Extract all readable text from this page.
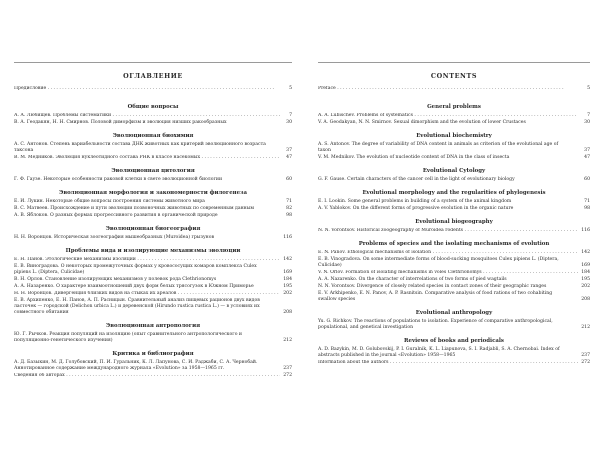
ОГЛАВЛЕНИЕ
Предисловие . . .	5
Общие вопросы
А. А. Любищев. Проблемы систематики . . .	7
В. А. Геодакян, Н. Н. Смирнов. Половой диморфизм и эволюция низших ракообразных	30
Эволюционная биохимия
А. С. Антонов. Степень вариабельности состава ДНК животных как критерий эволюционного возраста таксона	37
В. М. Медников. Эволюция нуклеотидного состава РНК в классе насекомых . . .	47
Эволюционная цитология
Г. Ф. Гаузе. Некоторые особенности раковой клетки в свете эволюционной биологии	60
Эволюционная морфология и закономерности филогенеза
Е. И. Лукин. Некоторые общие вопросы построения системы животного мира	71
В. С. Матвеев. Происхождение и пути эволюции позвоночных животных по современным данным	82
А. В. Яблоков. О разных формах прогрессивного развития в органической природе	98
Эволюционная биогеография
Н. Н. Воронцов. Историческая зоогеография мышеобразных (Muroidea) грызунов	116
Проблемы вида и изолирующие механизмы эволюции
Е. Н. Панов. Этологические механизмы изоляции . . .	142
Е. В. Виноградова. О некоторых промежуточных формах у кровососущих комаров комплекса Culex pipiens L. (Diptera, Culicidae)	169
В. Н. Орлов. Становление изолирующих механизмов у полевок рода Clethrionomys	184
А. А. Назаренко. О характере взаимоотношений двух форм белых трясогузок в Южном Приморье	195
Н. Н. Воронцов. Дивергенция близких видов на стыках их ареалов . . .	202
Е. В. Архипенко, Е. Н. Панов, А. П. Расницын. Сравнительный анализ пищевых рационов двух видов ласточек — городской (Delichon urbica L.) и деревенской (Hirundo rustica rustica L.) — в условиях их совместного обитания	208
Эволюционная антропология
Ю. Г. Рычков. Реакция популяций на изоляцию (опыт сравнительного антропологического и популяционно-генетического изучения)	212
Критика и библиография
А. Д. Базыкин, М. Д. Голубовский, П. И. Гуральник, К. Л. Лапунова, С. И. Раджаби, С. А. Чернобай. Аннотированное содержание международного журнала «Evolution» за 1958—1965 гг.	237
Сведения об авторах . . .	272
CONTENTS
Preface . . .	5
General problems
A. A. Lubischev. Problems of systematics . . .	7
V. A. Geodakyan, N. N. Smirnov. Sexual dimorphism and the evolution of lower Crustaces	30
Evolutional biochemistry
A. S. Antonov. The degree of variability of DNA content in animals as criterion of the evolutional age of taxon	37
V. M. Mednikov. The evolution of nucleotide content of DNA in the class of insecta	47
Evolutional Cytology
G. F. Gause. Certain characters of the cancer cell in the light of evolutionary biology	60
Evolutional morphology and the regularities of phylogenesis
E. I. Lookin. Some general problems in building of a system of the animal kingdom	71
A. V. Yablokov. On the different forms of progressive evolution in the organic nature	98
Evolutional biogeography
N. N. Vorontsov. Historical zoogeography of Muroidea rodents . . .	116
Problems of species and the isolating mechanisms of evolution
E. N. Panov. Ethological mechanisms of isolation . . .	142
E. B. Vinogradova. On some intermediate forms of blood-sucking mosquitoes Culex pipiens L. (Diptera, Culicidae)	169
V. N. Orlov. Formation of isolating mechanisms in voles Clethrionomys . . .	184
A. A. Nazarenko. On the character of interrelations of two forms of pied wagtails	195
N. N. Vorontsov. Divergence of closely related species in contact zones of their geographic ranges	202
E. V. Arkhipenko, E. N. Panov, A. P. Rasnitsin. Comparative analysis of food rations of two cohabiting swallow species	208
Evolutional anthropology
Yu. G. Richkov. The reactions of populations to isolation. Experience of comparative anthropological, populational, and genetical investigation	212
Reviews of books and periodicals
A. D. Bazykin, M. D. Golubovskij, P. I. Guralnik, K. L. Liapunova, S. I. Radjabli, S. A. Chernobai. Index of abstracts published in the journal «Evolution» 1958—1965	237
Information about the authors . . .	272
